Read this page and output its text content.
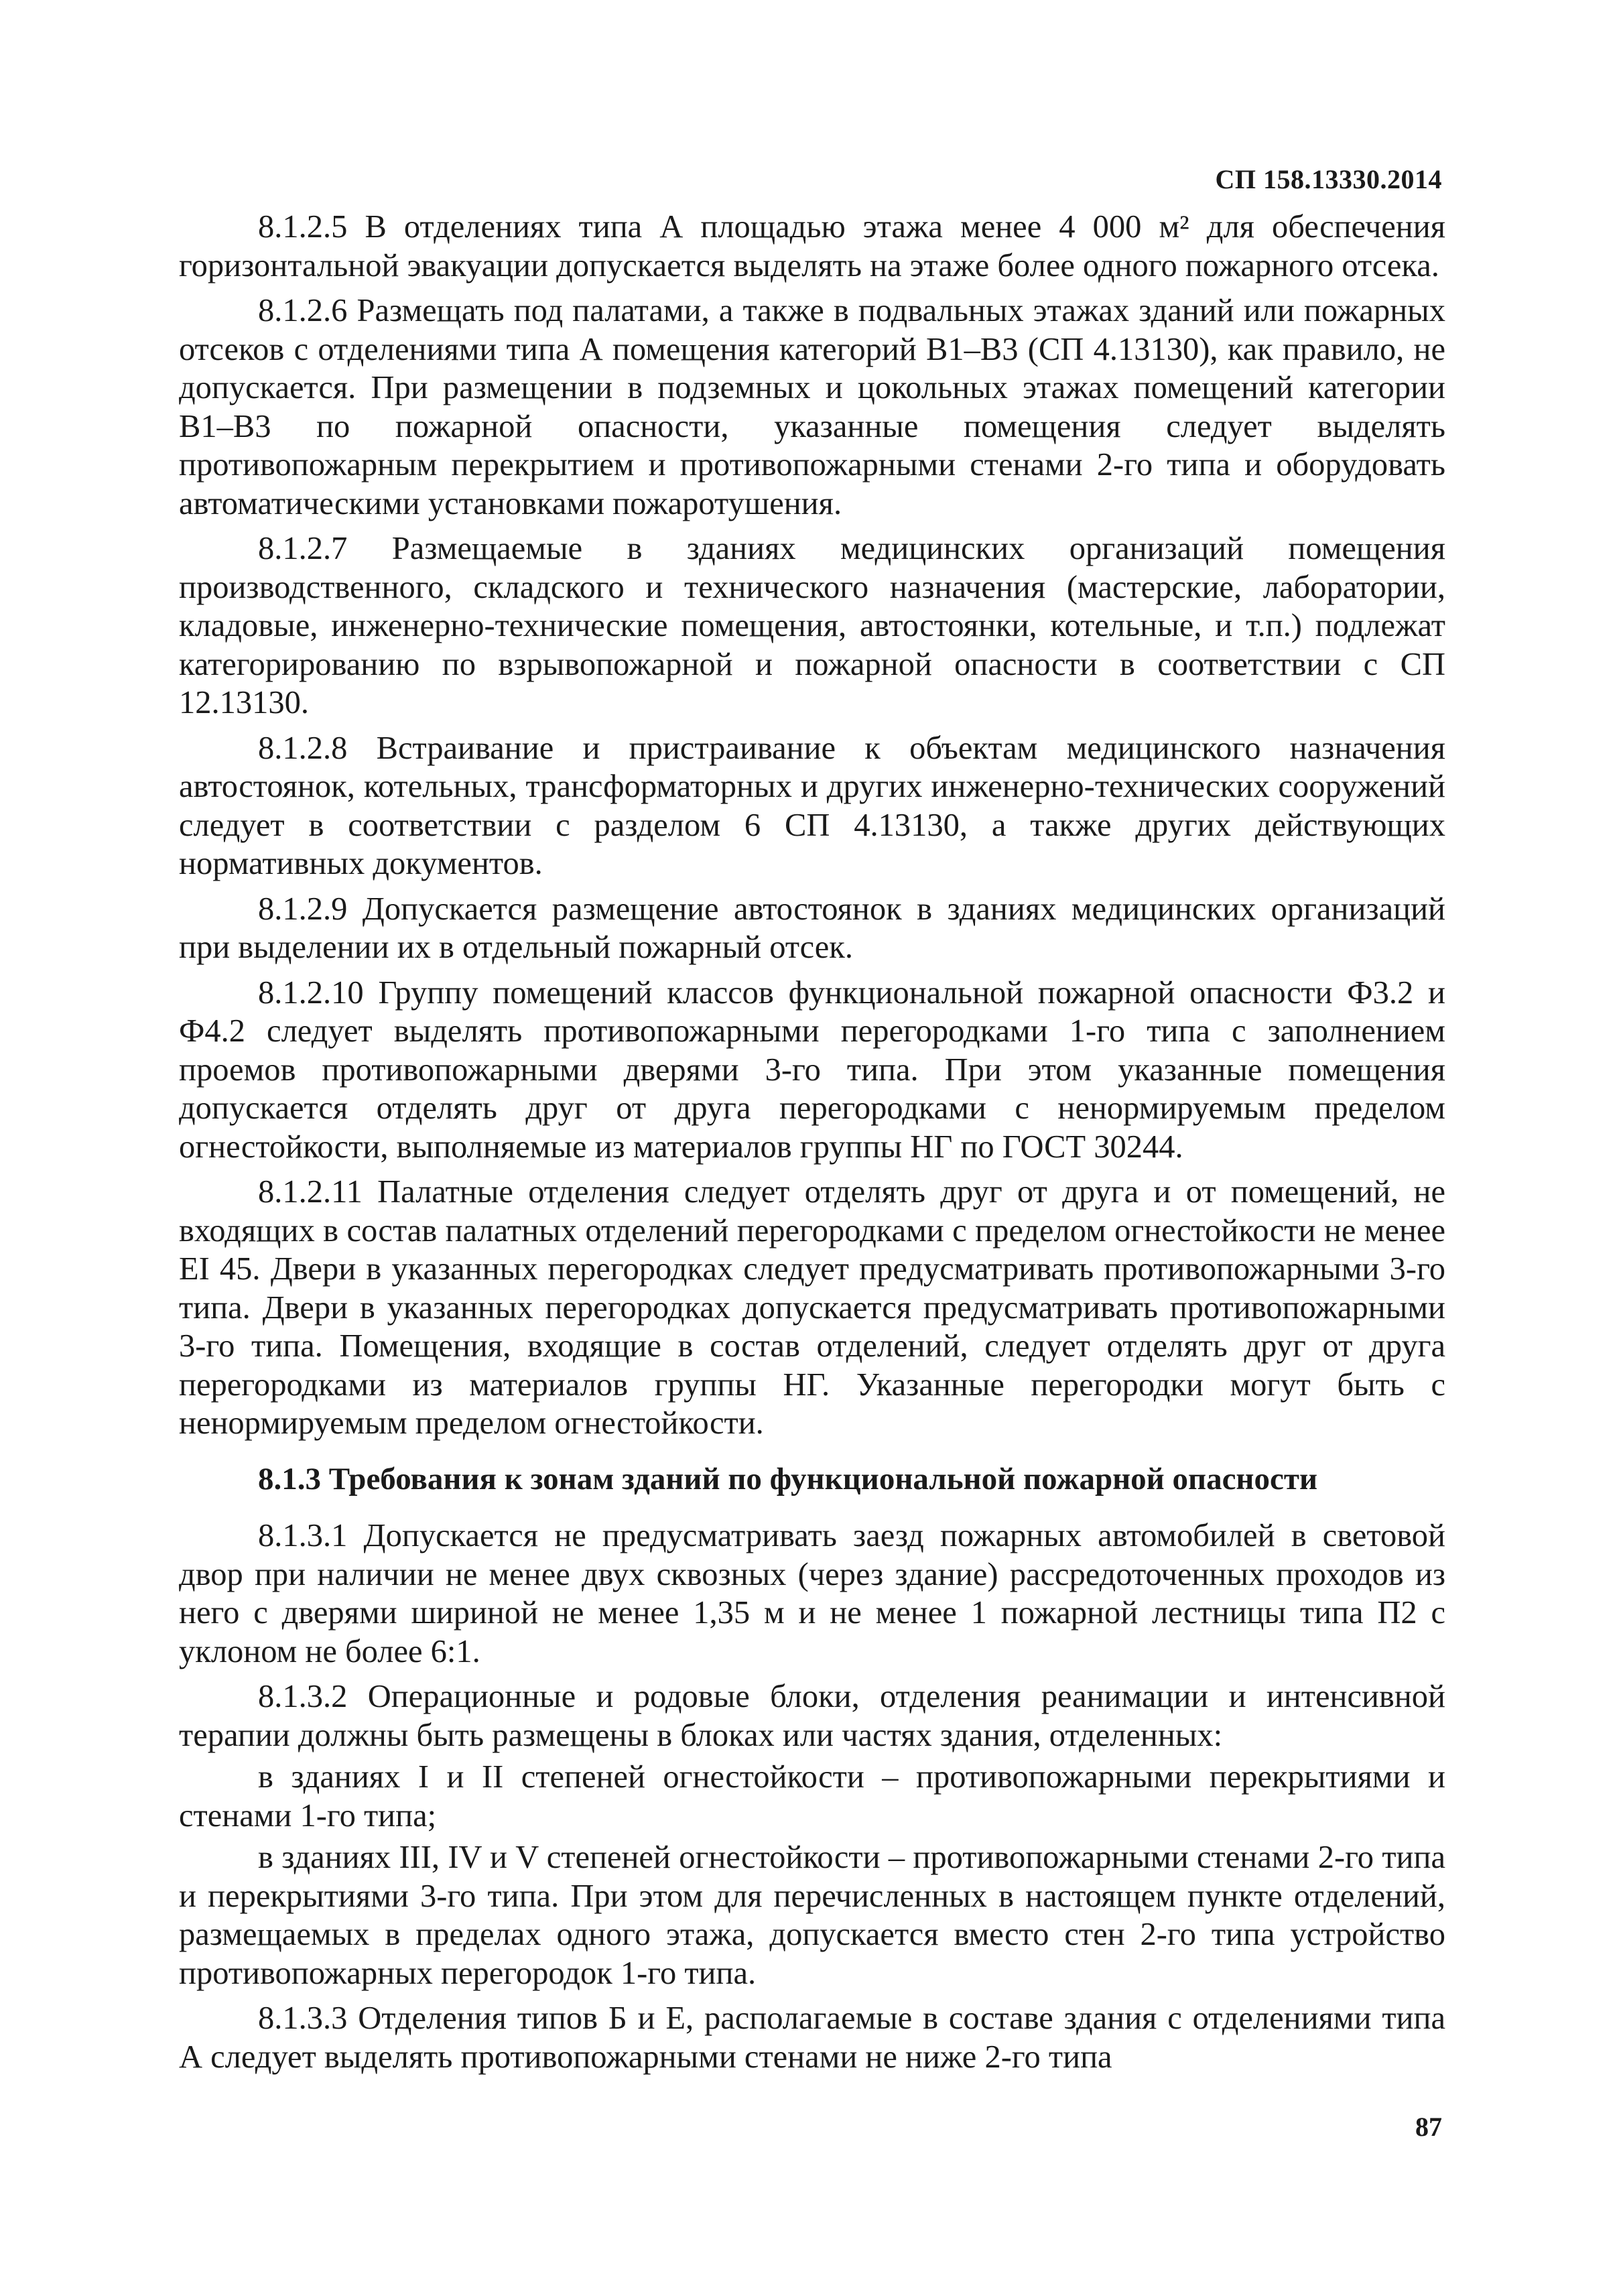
СП 158.13330.2014

8.1.2.5 В отделениях типа А площадью этажа менее 4 000 м² для обеспечения горизонтальной эвакуации допускается выделять на этаже более одного пожарного отсека.

8.1.2.6 Размещать под палатами, а также в подвальных этажах зданий или пожарных отсеков с отделениями типа А помещения категорий В1–В3 (СП 4.13130), как правило, не допускается. При размещении в подземных и цокольных этажах помещений категории В1–В3 по пожарной опасности, указанные помещения следует выделять противопожарным перекрытием и противопожарными стенами 2-го типа и оборудовать автоматическими установками пожаротушения.

8.1.2.7 Размещаемые в зданиях медицинских организаций помещения производственного, складского и технического назначения (мастерские, лаборатории, кладовые, инженерно-технические помещения, автостоянки, котельные, и т.п.) подлежат категорированию по взрывопожарной и пожарной опасности в соответствии с СП 12.13130.

8.1.2.8 Встраивание и пристраивание к объектам медицинского назначения автостоянок, котельных, трансформаторных и других инженерно-технических сооружений следует в соответствии с разделом 6 СП 4.13130, а также других действующих нормативных документов.

8.1.2.9 Допускается размещение автостоянок в зданиях медицинских организаций при выделении их в отдельный пожарный отсек.

8.1.2.10 Группу помещений классов функциональной пожарной опасности Ф3.2 и Ф4.2 следует выделять противопожарными перегородками 1-го типа с заполнением проемов противопожарными дверями 3-го типа. При этом указанные помещения допускается отделять друг от друга перегородками с ненормируемым пределом огнестойкости, выполняемые из материалов группы НГ по ГОСТ 30244.

8.1.2.11 Палатные отделения следует отделять друг от друга и от помещений, не входящих в состав палатных отделений перегородками с пределом огнестойкости не менее EI 45. Двери в указанных перегородках следует предусматривать противопожарными 3-го типа. Двери в указанных перегородках допускается предусматривать противопожарными 3-го типа. Помещения, входящие в состав отделений, следует отделять друг от друга перегородками из материалов группы НГ. Указанные перегородки могут быть с ненормируемым пределом огнестойкости.

8.1.3 Требования к зонам зданий по функциональной пожарной опасности

8.1.3.1 Допускается не предусматривать заезд пожарных автомобилей в световой двор при наличии не менее двух сквозных (через здание) рассредоточенных проходов из него с дверями шириной не менее 1,35 м и не менее 1 пожарной лестницы типа П2 с уклоном не более 6:1.

8.1.3.2 Операционные и родовые блоки, отделения реанимации и интенсивной терапии должны быть размещены в блоках или частях здания, отделенных:

в зданиях I и II степеней огнестойкости – противопожарными перекрытиями и стенами 1-го типа;

в зданиях III, IV и V степеней огнестойкости – противопожарными стенами 2-го типа и перекрытиями 3-го типа. При этом для перечисленных в настоящем пункте отделений, размещаемых в пределах одного этажа, допускается вместо стен 2-го типа устройство противопожарных перегородок 1-го типа.

8.1.3.3 Отделения типов Б и Е, располагаемые в составе здания с отделениями типа А следует выделять противопожарными стенами не ниже 2-го типа

87
